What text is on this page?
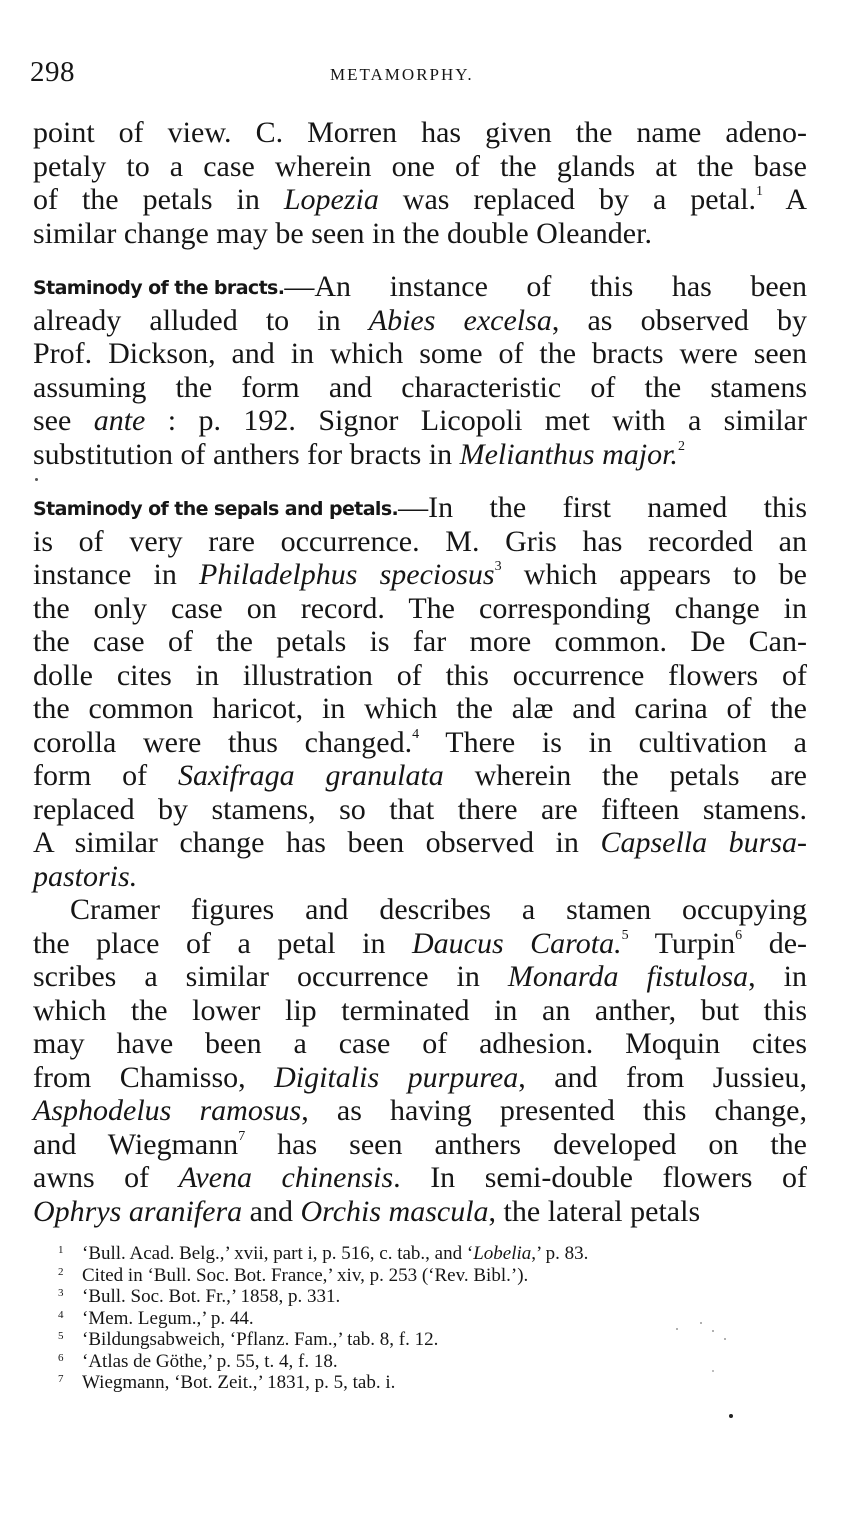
298	METAMORPHY.
point of view. C. Morren has given the name adeno-
petaly to a case wherein one of the glands at the base
of the petals in Lopezia was replaced by a petal.$^1$ A
similar change may be seen in the double Oleander.
Staminody of the bracts.—An instance of this has been
already alluded to in Abies excelsa, as observed by
Prof. Dickson, and in which some of the bracts were seen
assuming the form and characteristic of the stamens
see ante : p. 192. Signor Licopoli met with a similar
substitution of anthers for bracts in Melianthus major.$^2$
Staminody of the sepals and petals.—In the first named this
is of very rare occurrence. M. Gris has recorded an
instance in Philadelphus speciosus$^3$ which appears to be
the only case on record. The corresponding change in
the case of the petals is far more common. De Can-
dolle cites in illustration of this occurrence flowers of
the common haricot, in which the alæ and carina of the
corolla were thus changed.$^4$ There is in cultivation a
form of Saxifraga granulata wherein the petals are
replaced by stamens, so that there are fifteen stamens.
A similar change has been observed in Capsella bursa-
pastoris.
Cramer figures and describes a stamen occupying
the place of a petal in Daucus Carota.$^5$ Turpin$^6$ de-
scribes a similar occurrence in Monarda fistulosa, in
which the lower lip terminated in an anther, but this
may have been a case of adhesion. Moquin cites
from Chamisso, Digitalis purpurea, and from Jussieu,
Asphodelus ramosus, as having presented this change,
and Wiegmann$^7$ has seen anthers developed on the
awns of Avena chinensis. In semi-double flowers of
Ophrys aranifera and Orchis mascula, the lateral petals
1 ‘Bull. Acad. Belg.,’ xvii, part i, p. 516, c. tab., and ‘Lobelia,’ p. 83.
2 Cited in ‘Bull. Soc. Bot. France,’ xiv, p. 253 (‘Rev. Bibl.’).
3 ‘Bull. Soc. Bot. Fr.,’ 1858, p. 331.
4 ‘Mem. Legum.,’ p. 44.
5 ‘Bildungsabweich, ‘Pflanz. Fam.,’ tab. 8, f. 12.
6 ‘Atlas de Göthe,’ p. 55, t. 4, f. 18.
7 Wiegmann, ‘Bot. Zeit.,’ 1831, p. 5, tab. i.
